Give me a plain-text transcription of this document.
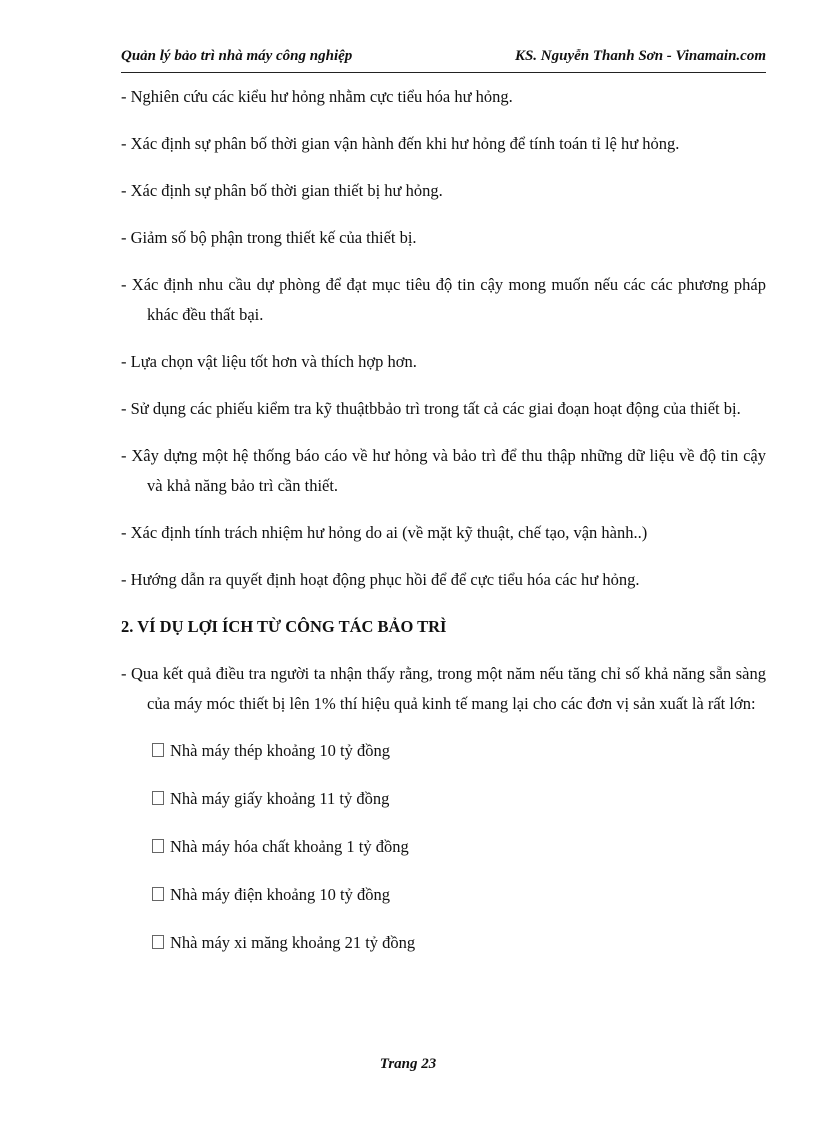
Quản lý bảo trì nhà máy công nghiệp	KS. Nguyễn Thanh Sơn - Vinamain.com

- Nghiên cứu các kiểu hư hỏng nhằm cực tiểu hóa hư hỏng.

- Xác định sự phân bố thời gian vận hành đến khi hư hỏng để tính toán tỉ lệ hư hỏng.

- Xác định sự phân bố thời gian thiết bị hư hỏng.

- Giảm số bộ phận trong thiết kế của thiết bị.

- Xác định nhu cầu dự phòng để đạt mục tiêu độ tin cậy mong muốn nếu các các phương pháp khác đều thất bại.

- Lựa chọn vật liệu tốt hơn và thích hợp hơn.

- Sử dụng các phiếu kiểm tra kỹ thuậtbbảo trì trong tất cả các giai đoạn hoạt động của thiết bị.

- Xây dựng một hệ thống báo cáo về hư hỏng và bảo trì để thu thập những dữ liệu về độ tin cậy và khả năng bảo trì cần thiết.

- Xác định tính trách nhiệm hư hỏng do ai (về mặt kỹ thuật, chế tạo, vận hành..)

- Hướng dẫn ra quyết định hoạt động phục hồi để để cực tiểu hóa các hư hỏng.

2. VÍ DỤ LỢI ÍCH TỪ CÔNG TÁC BẢO TRÌ

- Qua kết quả điều tra người ta nhận thấy rằng, trong một năm nếu tăng chỉ số khả năng sẵn sàng của máy móc thiết bị lên 1% thí hiệu quả kinh tế mang lại cho các đơn vị sản xuất là rất lớn:

Nhà máy thép khoảng 10 tỷ đồng
Nhà máy giấy khoảng 11 tỷ đồng
Nhà máy hóa chất khoảng 1 tỷ đồng
Nhà máy điện khoảng 10 tỷ đồng
Nhà máy xi măng khoảng 21 tỷ đồng
Trang 23
